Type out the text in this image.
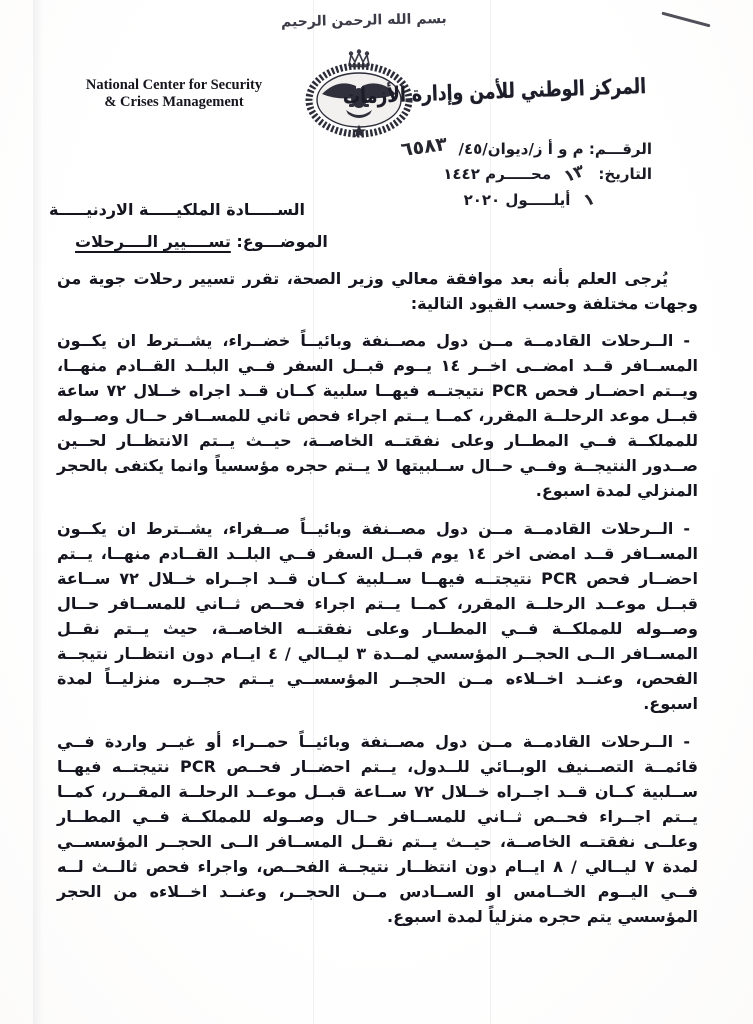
بسم الله الرحمن الرحيم
National Center for Security
& Crises Management	المركز الوطني للأمن وإدارة الأزمات
الرقـــم: م و أ ز/ديوان/٤٥/ ٦٥٨٣
التاريخ: ١٣ محـــــرم ١٤٤٢
١ أيلـــــول ٢٠٢٠
الســـــادة الملكيـــــة الاردنيـــــة
الموضـــوع: تســــيير الــــرحلات

يُرجى العلم بأنه بعد موافقة معالي وزير الصحة، تقرر تسيير رحلات جوية من وجهات مختلفة وحسب القيود التالية:

- الــرحلات القادمــة مــن دول مصــنفة وبائيــاً خضــراء، يشــترط ان يكــون المســافر قــد امضــى اخــر ١٤ يــوم قبــل السفر فــي البلــد القــادم منهــا، ويــتم احضــار فحص PCR نتيجتــه فيهــا سلبية كــان قــد اجراه خــلال ٧٢ ساعة قبــل موعد الرحلــة المقرر، كمــا يــتم اجراء فحص ثاني للمســافر حــال وصــوله للمملكــة فــي المطــار وعلى نفقتــه الخاصــة، حيــث يــتم الانتظــار لحــين صــدور النتيجــة وفــي حــال ســلبيتها لا يــتم حجره مؤسسياً وانما يكتفى بالحجر المنزلي لمدة اسبوع.

- الــرحلات القادمــة مــن دول مصــنفة وبائيــاً صــفراء، يشــترط ان يكــون المســافر قــد امضى اخر ١٤ يوم قبــل السفر فــي البلــد القــادم منهــا، يــتم احضــار فحص PCR نتيجتــه فيهــا ســلبية كــان قــد اجــراه خــلال ٧٢ ســاعة قبــل موعــد الرحلــة المقرر، كمــا يــتم اجراء فحــص ثــاني للمســافر حــال وصــوله للمملكــة فــي المطــار وعلى نفقتــه الخاصــة، حيث يــتم نقــل المســافر الــى الحجــر المؤسسي لمــدة ٣ ليــالي / ٤ ايــام دون انتظــار نتيجــة الفحص، وعنــد اخــلاءه مــن الحجــر المؤسســي يــتم حجــره منزليــاً لمدة اسبوع.

- الــرحلات القادمــة مــن دول مصــنفة وبائيــاً حمــراء أو غيــر واردة فــي قائمــة التصــنيف الوبــائي للــدول، يــتم احضــار فحــص PCR نتيجتــه فيهــا ســلبية كــان قــد اجــراه خــلال ٧٢ ســاعة قبــل موعــد الرحلــة المقــرر، كمــا يــتم اجــراء فحــص ثــاني للمســافر حــال وصــوله للمملكــة فــي المطــار وعلــى نفقتــه الخاصــة، حيــث يــتم نقــل المســافر الــى الحجــر المؤسســي لمدة ٧ ليــالي / ٨ ايــام دون انتظــار نتيجــة الفحــص، واجراء فحص ثالــث لــه فــي اليــوم الخــامس او الســادس مــن الحجــر، وعنــد اخــلاءه من الحجر المؤسسي يتم حجره منزلياً لمدة اسبوع.
